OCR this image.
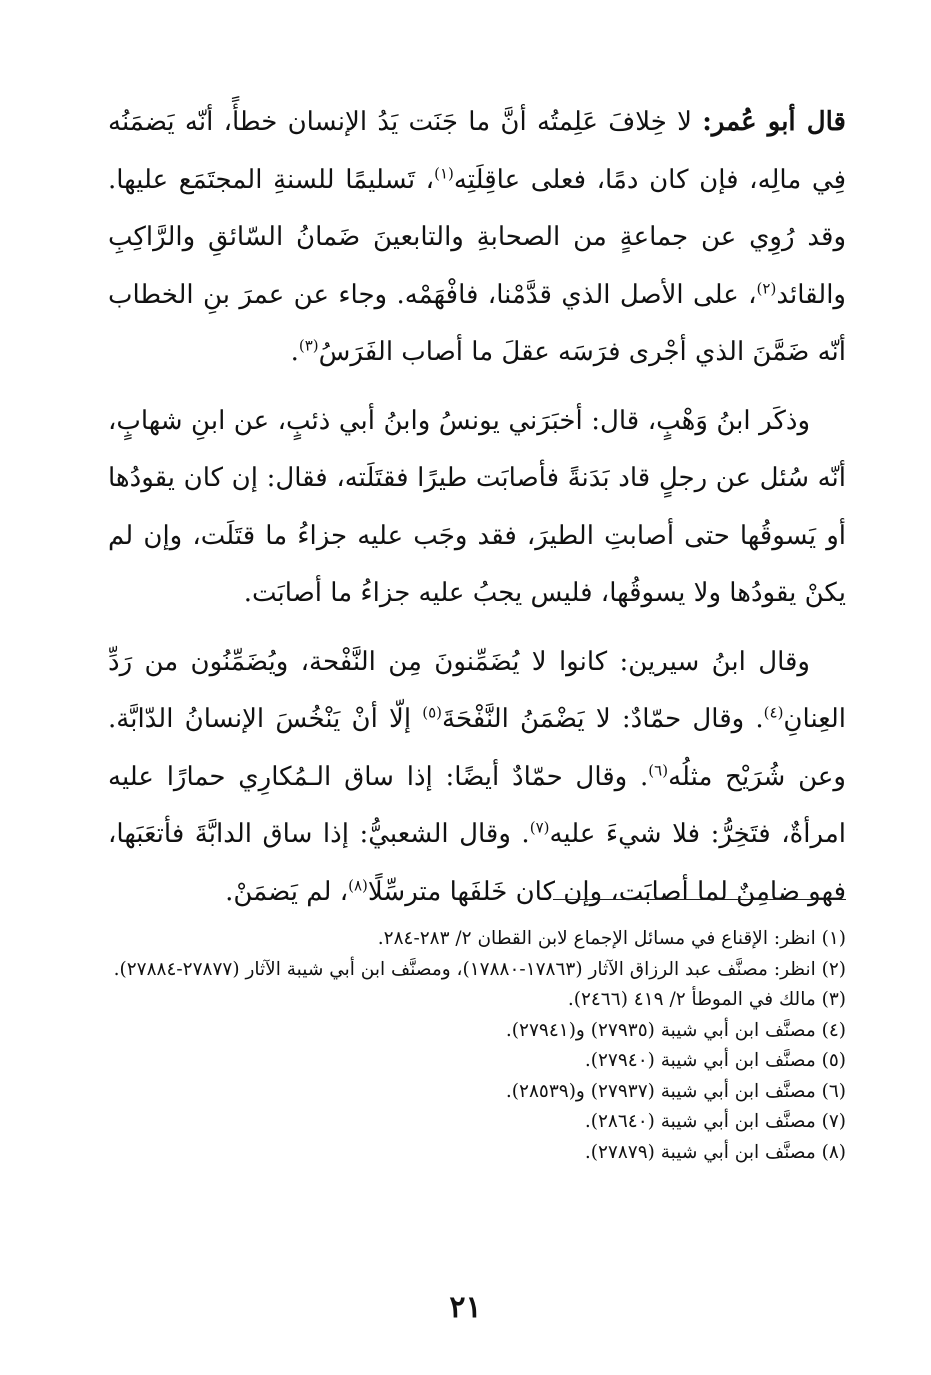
قال أبو عُمر: لا خِلافَ عَلِمتُه أنَّ ما جَنَت يَدُ الإنسان خطأً، أنّه يَضمَنُه فِي مالِه، فإن كان دمًا، فعلى عاقِلَتِه$^{(١)}$، تَسليمًا للسنةِ المجتَمَع عليها. وقد رُوِي عن جماعةٍ من الصحابةِ والتابعينَ ضَمانُ السّائقِ والرَّاكِبِ والقائد$^{(٢)}$، على الأصل الذي قدَّمْنا، فافْهَمْه. وجاء عن عمرَ بنِ الخطاب أنّه ضَمَّنَ الذي أجْرى فرَسَه عقلَ ما أصاب الفَرَسُ$^{(٣)}$.

وذكَر ابنُ وَهْبٍ، قال: أخبَرَني يونسُ وابنُ أبي ذئبٍ، عن ابنِ شهابٍ، أنّه سُئل عن رجلٍ قاد بَدَنةً فأصابَت طيرًا فقتَلَته، فقال: إن كان يقودُها أو يَسوقُها حتى أصابتِ الطيرَ، فقد وجَب عليه جزاءُ ما قتَلَت، وإن لم يكنْ يقودُها ولا يسوقُها، فليس يجبُ عليه جزاءُ ما أصابَت.

وقال ابنُ سيرين: كانوا لا يُضَمِّنونَ مِن النَّفْحة، ويُضَمِّنُون من رَدِّ العِنانِ$^{(٤)}$. وقال حمّادٌ: لا يَضْمَنُ النَّفْحَةَ$^{(٥)}$ إلّا أنْ يَنْخُسَ الإنسانُ الدّابَّة. وعن شُرَيْح مثلُه$^{(٦)}$. وقال حمّادٌ أيضًا: إذا ساق الـمُكارِي حمارًا عليه امرأةٌ، فتَخِرُّ: فلا شيءَ عليه$^{(٧)}$. وقال الشعبيُّ: إذا ساق الدابَّةَ فأتعَبَها، فهو ضامِنٌ لما أصابَت، وإن كان خَلفَها مترسِّلًا$^{(٨)}$، لم يَضمَنْ.

(١) انظر: الإقناع في مسائل الإجماع لابن القطان ٢/ ٢٨٣-٢٨٤.

(٢) انظر: مصنَّف عبد الرزاق الآثار (١٧٨٦٣-١٧٨٨٠)، ومصنَّف ابن أبي شيبة الآثار (٢٧٨٧٧-٢٧٨٨٤).

(٣) مالك في الموطأ ٢/ ٤١٩ (٢٤٦٦).

(٤) مصنَّف ابن أبي شيبة (٢٧٩٣٥) و(٢٧٩٤١).

(٥) مصنَّف ابن أبي شيبة (٢٧٩٤٠).

(٦) مصنَّف ابن أبي شيبة (٢٧٩٣٧) و(٢٨٥٣٩).

(٧) مصنَّف ابن أبي شيبة (٢٨٦٤٠).

(٨) مصنَّف ابن أبي شيبة (٢٧٨٧٩).

٢١
